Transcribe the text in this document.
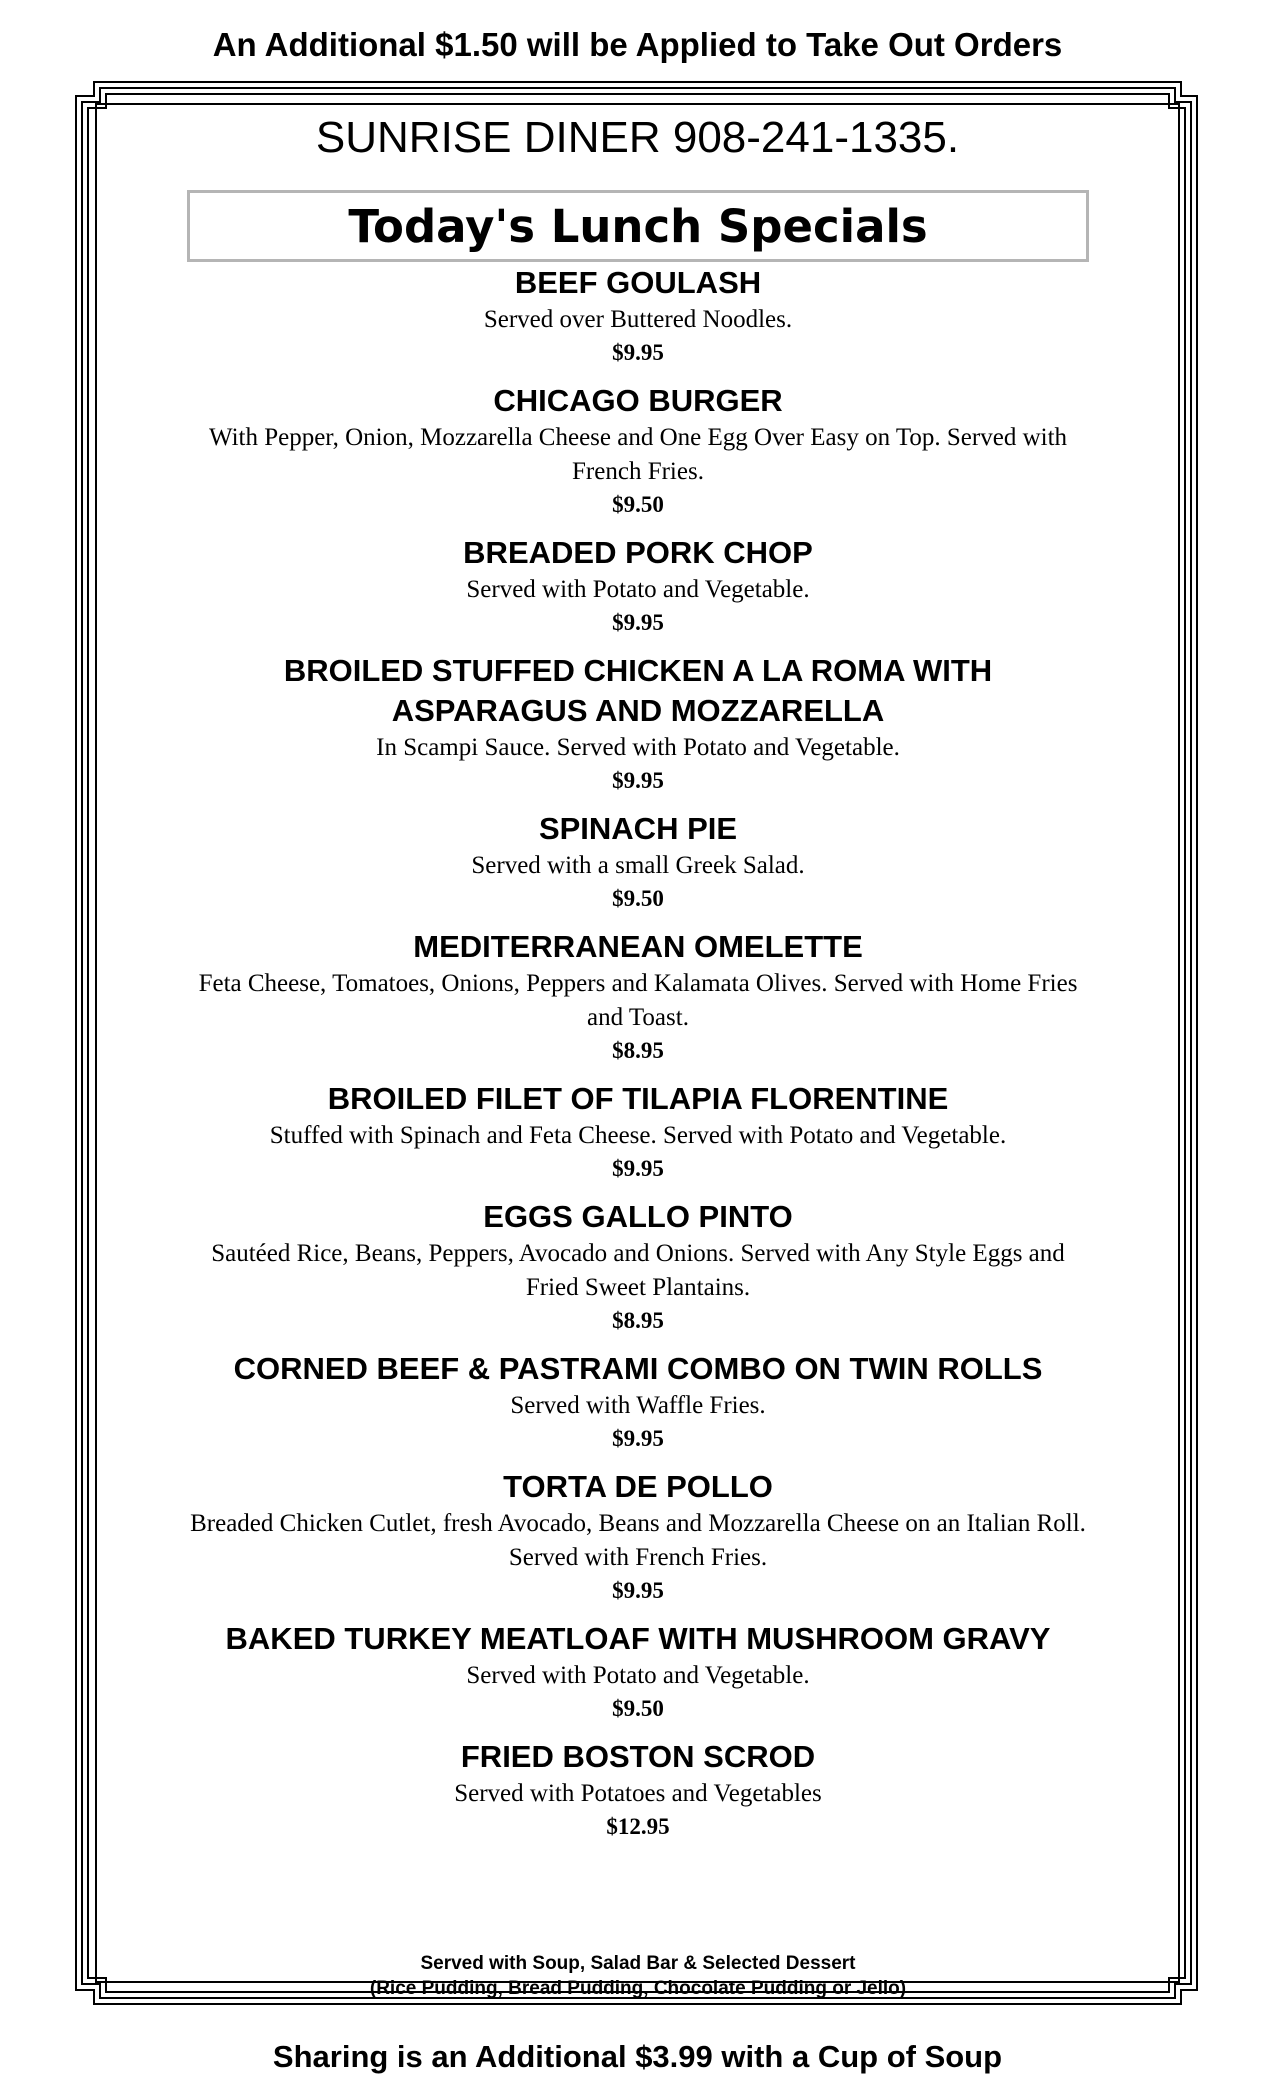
An Additional $1.50 will be Applied to Take Out Orders
SUNRISE DINER 908-241-1335.
Today's Lunch Specials
BEEF GOULASH
Served over Buttered Noodles.
$9.95
CHICAGO BURGER
With Pepper, Onion, Mozzarella Cheese and One Egg Over Easy on Top. Served with French Fries.
$9.50
BREADED PORK CHOP
Served with Potato and Vegetable.
$9.95
BROILED STUFFED CHICKEN A LA ROMA WITH ASPARAGUS AND MOZZARELLA
In Scampi Sauce. Served with Potato and Vegetable.
$9.95
SPINACH PIE
Served with a small Greek Salad.
$9.50
MEDITERRANEAN OMELETTE
Feta Cheese, Tomatoes, Onions, Peppers and Kalamata Olives. Served with Home Fries and Toast.
$8.95
BROILED FILET OF TILAPIA FLORENTINE
Stuffed with Spinach and Feta Cheese. Served with Potato and Vegetable.
$9.95
EGGS GALLO PINTO
Sautéed Rice, Beans, Peppers, Avocado and Onions. Served with Any Style Eggs and Fried Sweet Plantains.
$8.95
CORNED BEEF & PASTRAMI COMBO ON TWIN ROLLS
Served with Waffle Fries.
$9.95
TORTA DE POLLO
Breaded Chicken Cutlet, fresh Avocado, Beans and Mozzarella Cheese on an Italian Roll. Served with French Fries.
$9.95
BAKED TURKEY MEATLOAF WITH MUSHROOM GRAVY
Served with Potato and Vegetable.
$9.50
FRIED BOSTON SCROD
Served with Potatoes and Vegetables
$12.95
Served with Soup, Salad Bar & Selected Dessert
(Rice Pudding, Bread Pudding, Chocolate Pudding or Jello)
Sharing is an Additional $3.99 with a Cup of Soup
